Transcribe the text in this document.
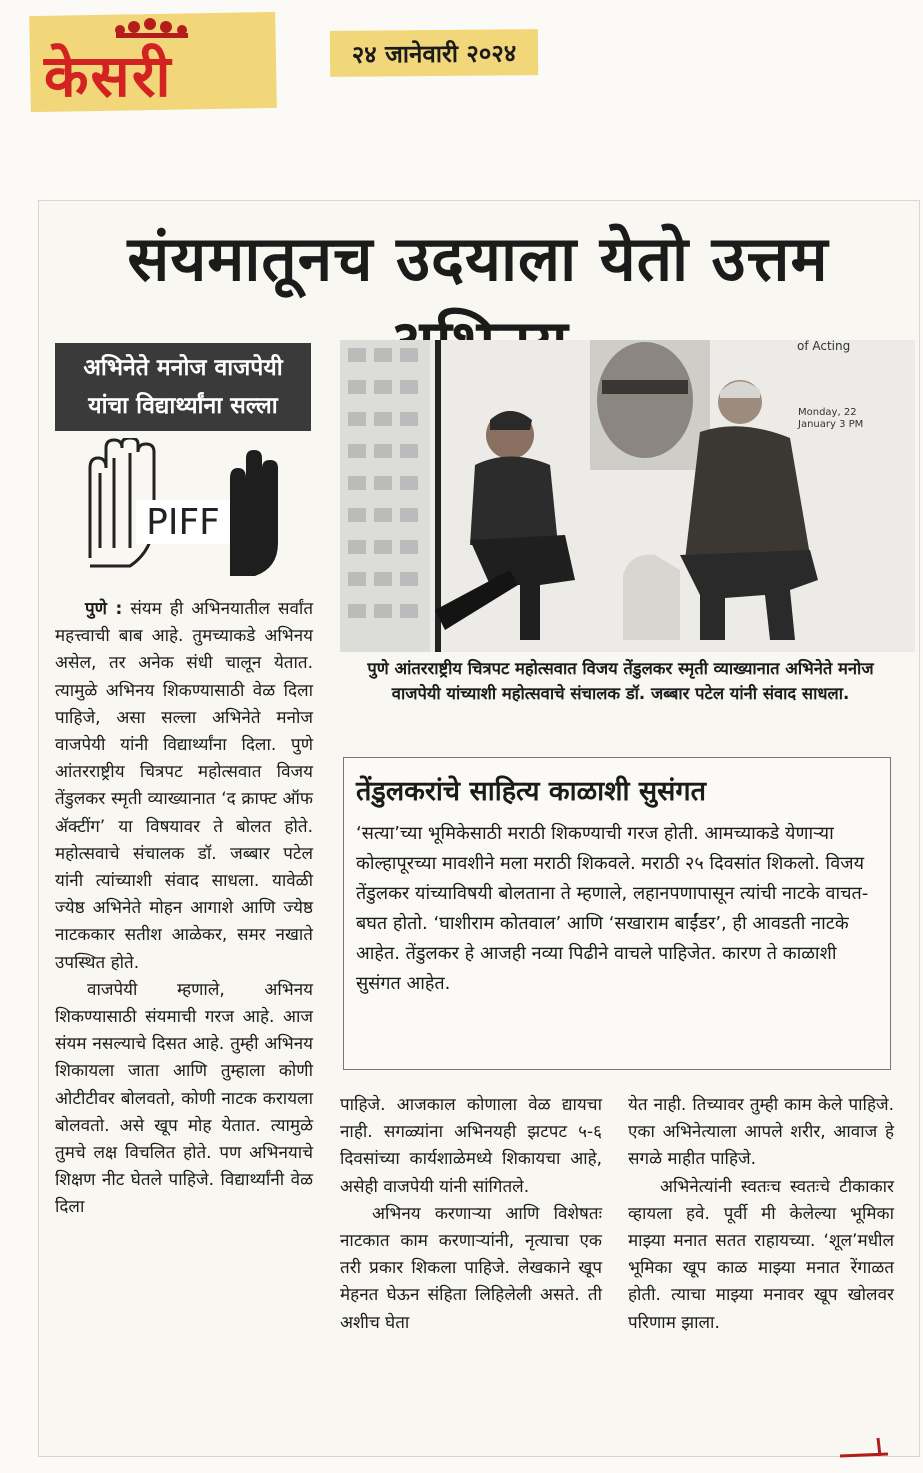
केसरी	२४ जानेवारी २०२४
संयमातूनच उदयाला येतो उत्तम
अभिनेते मनोज वाजपेयी
यांचा विद्यार्थ्यांना सल्ला
PIFF
of Acting
Monday, 22 January 3 PM
पुणे आंतरराष्ट्रीय चित्रपट महोत्सवात विजय तेंडुलकर स्मृती व्याख्यानात अभिनेते मनोज वाजपेयी यांच्याशी महोत्सवाचे संचालक डॉ. जब्बार पटेल यांनी संवाद साधला.
तेंडुलकरांचे साहित्य काळाशी सुसंगत
‘सत्या’च्या भूमिकेसाठी मराठी शिकण्याची गरज होती. आमच्याकडे येणाऱ्या कोल्हापूरच्या मावशीने मला मराठी शिकवले. मराठी २५ दिवसांत शिकलो. विजय तेंडुलकर यांच्याविषयी बोलताना ते म्हणाले, लहानपणापासून त्यांची नाटके वाचत-बघत होतो. ‘घाशीराम कोतवाल’ आणि ‘सखाराम बाईंडर’, ही आवडती नाटके आहेत. तेंडुलकर हे आजही नव्या पिढीने वाचले पाहिजेत. कारण ते काळाशी सुसंगत आहेत.

पुणे : संयम ही अभिनयातील सर्वांत महत्त्वाची बाब आहे. तुमच्याकडे अभिनय असेल, तर अनेक संधी चालून येतात. त्यामुळे अभिनय शिकण्यासाठी वेळ दिला पाहिजे, असा सल्ला अभिनेते मनोज वाजपेयी यांनी विद्यार्थ्यांना दिला. पुणे आंतरराष्ट्रीय चित्रपट महोत्सवात विजय तेंडुलकर स्मृती व्याख्यानात ‘द क्राफ्ट ऑफ ॲक्टींग’ या विषयावर ते बोलत होते. महोत्सवाचे संचालक डॉ. जब्बार पटेल यांनी त्यांच्याशी संवाद साधला. यावेळी ज्येष्ठ अभिनेते मोहन आगाशे आणि ज्येष्ठ नाटककार सतीश आळेकर, समर नखाते उपस्थित होते.

वाजपेयी म्हणाले, अभिनय शिकण्यासाठी संयमाची गरज आहे. आज संयम नसल्याचे दिसत आहे. तुम्ही अभिनय शिकायला जाता आणि तुम्हाला कोणी ओटीटीवर बोलवतो, कोणी नाटक करायला बोलवतो. असे खूप मोह येतात. त्यामुळे तुमचे लक्ष विचलित होते. पण अभिनयाचे शिक्षण नीट घेतले पाहिजे. विद्यार्थ्यांनी वेळ दिला

पाहिजे. आजकाल कोणाला वेळ द्यायचा नाही. सगळ्यांना अभिनयही झटपट ५-६ दिवसांच्या कार्यशाळेमध्ये शिकायचा आहे, असेही वाजपेयी यांनी सांगितले.

अभिनय करणाऱ्या आणि विशेषतः नाटकात काम करणाऱ्यांनी, नृत्याचा एक तरी प्रकार शिकला पाहिजे. लेखकाने खूप मेहनत घेऊन संहिता लिहिलेली असते. ती अशीच घेता

येत नाही. तिच्यावर तुम्ही काम केले पाहिजे. एका अभिनेत्याला आपले शरीर, आवाज हे सगळे माहीत पाहिजे.

अभिनेत्यांनी स्वतःच स्वतःचे टीकाकार व्हायला हवे. पूर्वी मी केलेल्या भूमिका माझ्या मनात सतत राहायच्या. ‘शूल’मधील भूमिका खूप काळ माझ्या मनात रेंगाळत होती. त्याचा माझ्या मनावर खूप खोलवर परिणाम झाला.
